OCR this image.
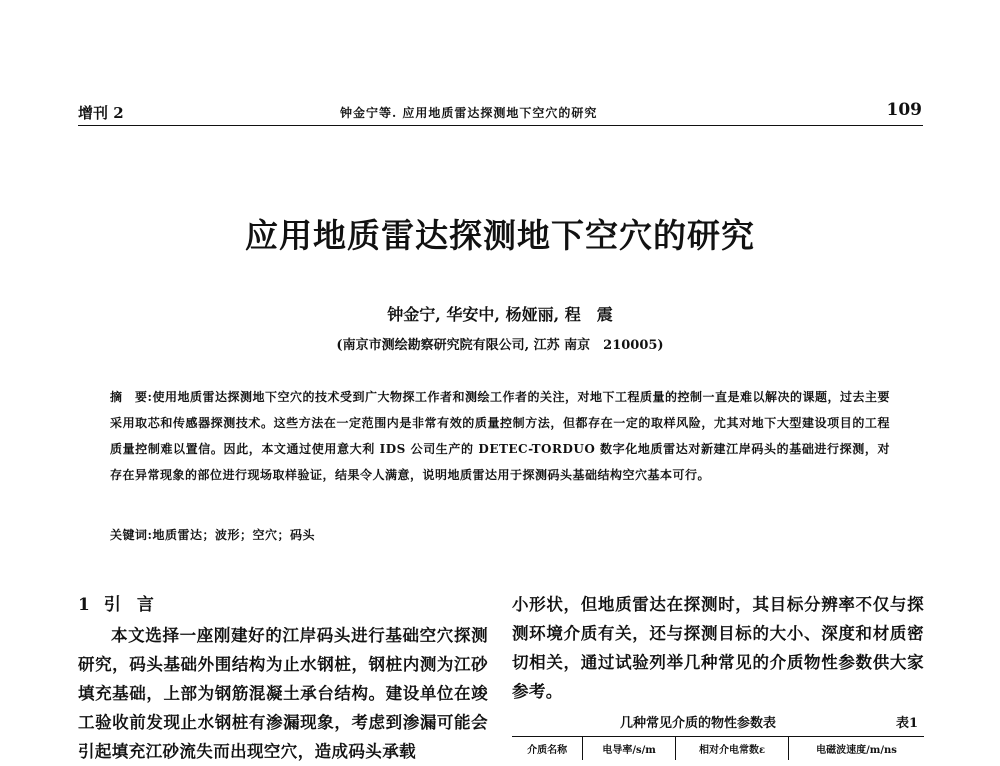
增刊 2	钟金宁等. 应用地质雷达探测地下空穴的研究	109
应用地质雷达探测地下空穴的研究
钟金宁, 华安中, 杨娅丽, 程　震
(南京市测绘勘察研究院有限公司, 江苏 南京　210005)
摘　要:使用地质雷达探测地下空穴的技术受到广大物探工作者和测绘工作者的关注，对地下工程质量的控制一直是难以解决的课题，过去主要采用取芯和传感器探测技术。这些方法在一定范围内是非常有效的质量控制方法，但都存在一定的取样风险，尤其对地下大型建设项目的工程质量控制难以置信。因此，本文通过使用意大利 IDS 公司生产的 DETEC-TORDUO 数字化地质雷达对新建江岸码头的基础进行探测，对存在异常现象的部位进行现场取样验证，结果令人满意，说明地质雷达用于探测码头基础结构空穴基本可行。
关键词:地质雷达；波形；空穴；码头
1 引 言
本文选择一座刚建好的江岸码头进行基础空穴探测研究，码头基础外围结构为止水钢桩，钢桩内测为江砂填充基础，上部为钢筋混凝土承台结构。建设单位在竣工验收前发现止水钢桩有渗漏现象，考虑到渗漏可能会引起填充江砂流失而出现空穴，造成码头承载
小形状，但地质雷达在探测时，其目标分辨率不仅与探测环境介质有关，还与探测目标的大小、深度和材质密切相关，通过试验列举几种常见的介质物性参数供大家参考。
几种常见介质的物性参数表	表1
介质名称	电导率/s/m	相对介电常数ε	电磁波速度/m/ns
